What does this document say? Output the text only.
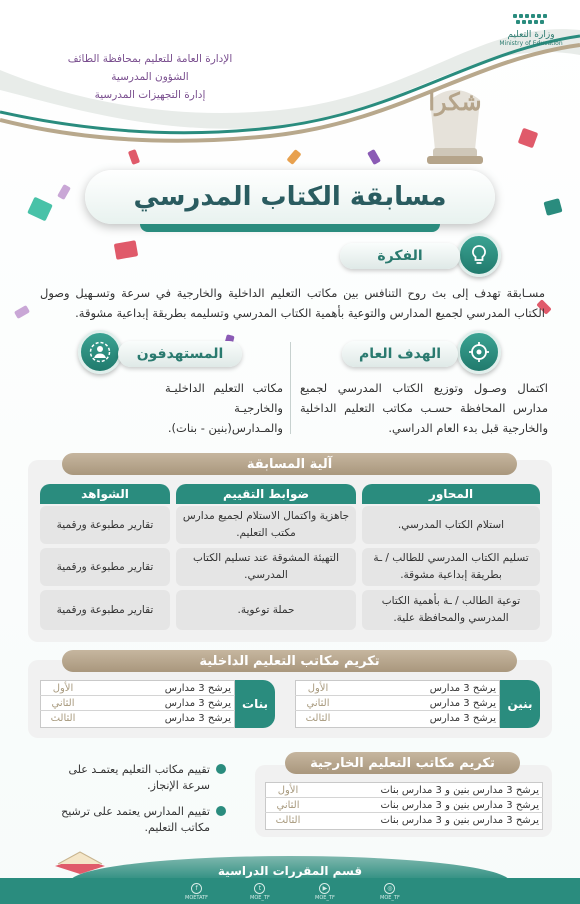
وزارة التعليم
Ministry of Education
الإدارة العامة للتعليم بمحافظة الطائف
الشؤون المدرسية
إدارة التجهيزات المدرسية	شكرا
مسابقة الكتاب المدرسي
الفكرة

مسـابقة تهدف إلى بث روح التنافس بين مكاتب التعليم الداخلية والخارجية في سرعة وتسـهيل وصول الكتاب المدرسي لجميع المدارس والتوعية بأهمية الكتاب المدرسي وتسليمه بطريقة إبداعية مشوقة.

الهدف العام

اكتمال وصـول وتوزيع الكتاب المدرسي لجميع مدارس المحافظة حسـب مكاتب التعليم الداخلية والخارجية قبل بدء العام الدراسي.

المستهدفون

مكاتب التعليم الداخليـة والخارجيـة والمـدارس(بنين - بنات).

آلية المسابقة
المحاور
ضوابط التقييم
الشواهد
استلام الكتاب المدرسي.
جاهزية واكتمال الاستلام لجميع مدارس مكتب التعليم.
تقارير مطبوعة ورقمية
تسليم الكتاب المدرسي للطالب / ـة بطريقة إبداعية مشوقة.
التهيئة المشوقة عند تسليم الكتاب المدرسي.
تقارير مطبوعة ورقمية
توعية الطالب / ـة بأهمية الكتاب المدرسي والمحافظة علية.
حملة توعوية.
تقارير مطبوعة ورقمية
تكريم مكاتب التعليم الداخلية
بنين
يرشح 3 مدارس
الأول
يرشح 3 مدارس
الثاني
يرشح 3 مدارس
الثالث
بنات
يرشح 3 مدارس
الأول
يرشح 3 مدارس
الثاني
يرشح 3 مدارس
الثالث
تكريم مكاتب التعليم الخارجية
يرشح 3 مدارس بنين و 3 مدارس بنات
الأول
يرشح 3 مدارس بنين و 3 مدارس بنات
الثاني
يرشح 3 مدارس بنين و 3 مدارس بنات
الثالث
تقييم مكاتب التعليم يعتمـد على سرعة الإنجاز.
تقييم المدارس يعتمد على ترشيح مكاتب التعليم.
قسم المقررات الدراسية
f
MOETATF
t
MOE_TF
▶
MOE_TF
◎
MOE_TF
